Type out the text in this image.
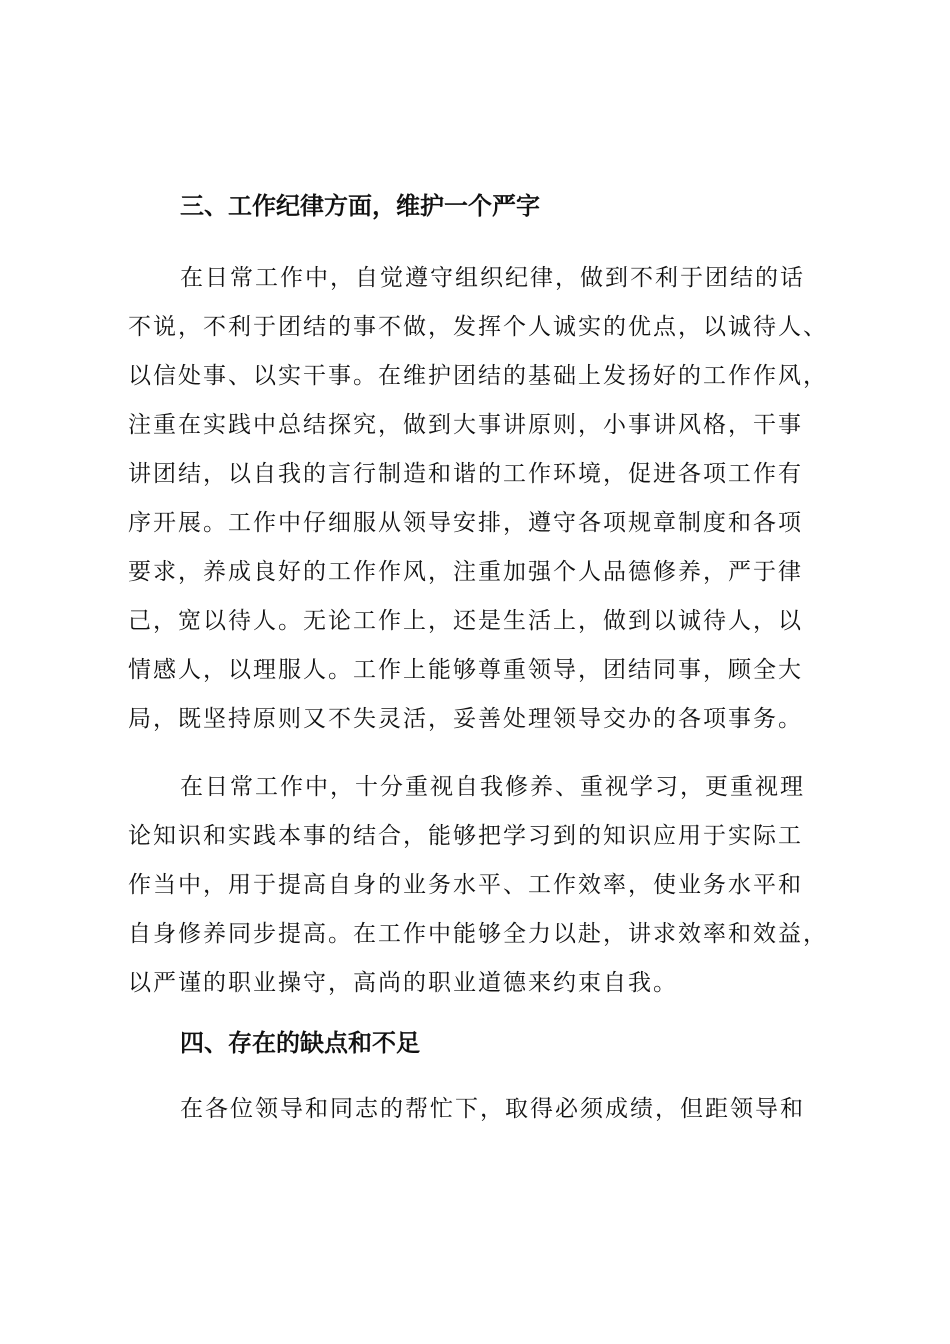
三、工作纪律方面，维护一个严字

在日常工作中，自觉遵守组织纪律，做到不利于团结的话
不说，不利于团结的事不做，发挥个人诚实的优点，以诚待人、
以信处事、以实干事。在维护团结的基础上发扬好的工作作风，
注重在实践中总结探究，做到大事讲原则，小事讲风格，干事
讲团结，以自我的言行制造和谐的工作环境，促进各项工作有
序开展。工作中仔细服从领导安排，遵守各项规章制度和各项
要求，养成良好的工作作风，注重加强个人品德修养，严于律
己，宽以待人。无论工作上，还是生活上，做到以诚待人，以
情感人，以理服人。工作上能够尊重领导，团结同事，顾全大
局，既坚持原则又不失灵活，妥善处理领导交办的各项事务。

在日常工作中，十分重视自我修养、重视学习，更重视理
论知识和实践本事的结合，能够把学习到的知识应用于实际工
作当中，用于提高自身的业务水平、工作效率，使业务水平和
自身修养同步提高。在工作中能够全力以赴，讲求效率和效益，
以严谨的职业操守，高尚的职业道德来约束自我。

四、存在的缺点和不足

在各位领导和同志的帮忙下，取得必须成绩，但距领导和
